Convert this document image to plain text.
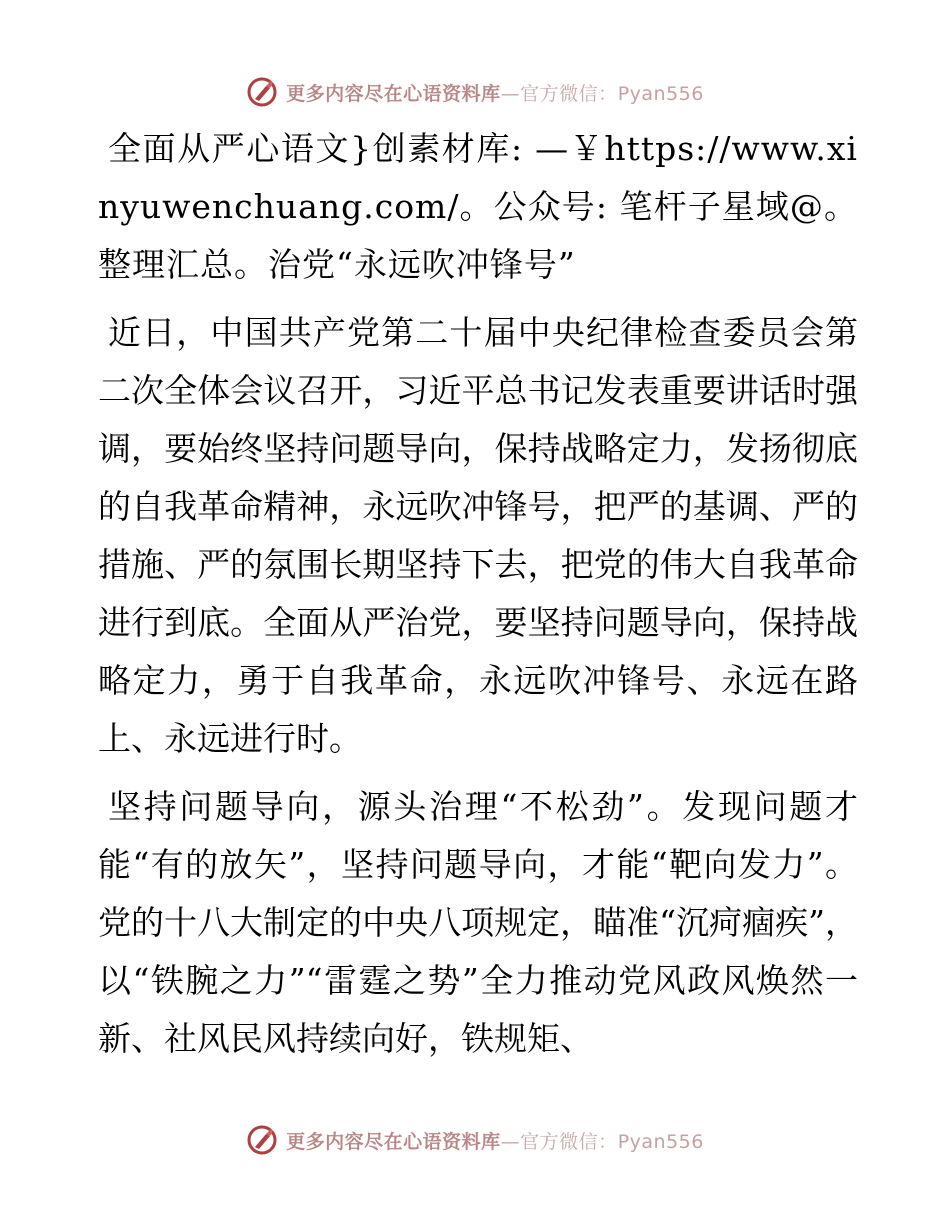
更多内容尽在心语资料库—官方微信：Pyan556

全面从严心语文}创素材库: —￥https://www.xinyuwenchuang.com/。公众号: 笔杆子星域@。整理汇总。治党“永远吹冲锋号”

近日，中国共产党第二十届中央纪律检查委员会第二次全体会议召开，习近平总书记发表重要讲话时强调，要始终坚持问题导向，保持战略定力，发扬彻底的自我革命精神，永远吹冲锋号，把严的基调、严的措施、严的氛围长期坚持下去，把党的伟大自我革命进行到底。全面从严治党，要坚持问题导向，保持战略定力，勇于自我革命，永远吹冲锋号、永远在路上、永远进行时。

坚持问题导向，源头治理“不松劲”。发现问题才能“有的放矢”，坚持问题导向，才能“靶向发力”。党的十八大制定的中央八项规定，瞄准“沉疴痼疾”，以“铁腕之力”“雷霆之势”全力推动党风政风焕然一新、社风民风持续向好，铁规矩、

更多内容尽在心语资料库—官方微信：Pyan556
